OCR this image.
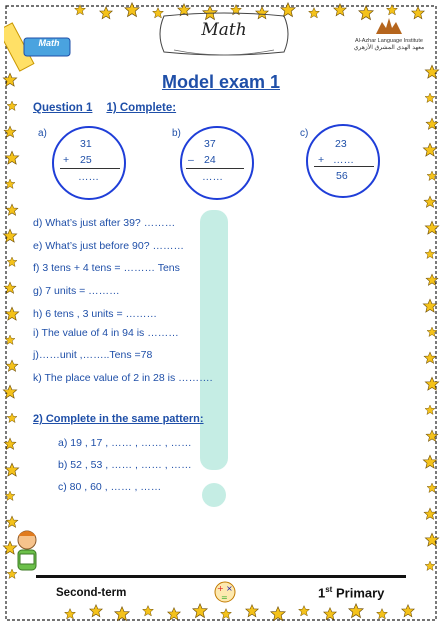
Math
Math
Al-Azhar Language Institute
معهد الهدى المشرق الأزهري
Model exam 1
Question 1 1) Complete:
a)
31
+ 25
……
b)
37
– 24
……
c)
23
+ ……
56
d) What’s just after 39? ………
e) What’s just before 90? ………
f) 3 tens + 4 tens = ……… Tens
g) 7 units = ………
h) 6 tens , 3 units = ………
i) The value of 4 in 94 is ………
j)……unit ,……..Tens =78
k) The place value of 2 in 28 is ……….
2) Complete in the same pattern:
a) 19 , 17 , …… , …… , ……
b) 52 , 53 , …… , …… , ……
c) 80 , 60 , …… , ……
Second-term	+ ×
=	1st Primary
